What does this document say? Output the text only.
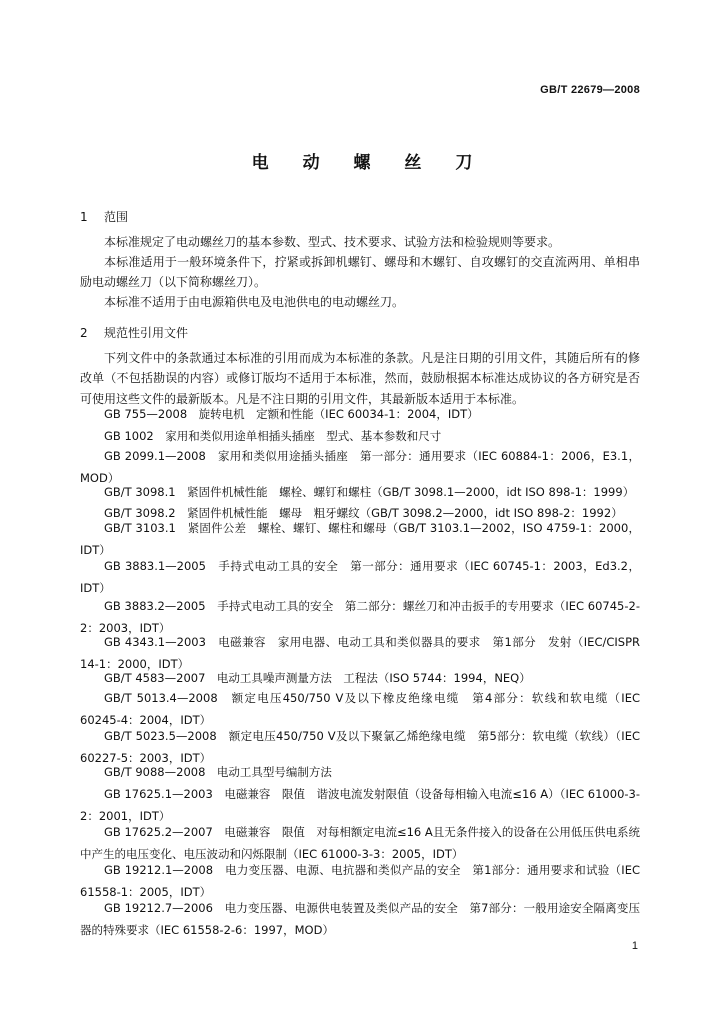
GB/T 22679—2008
电 动 螺 丝 刀
1 范围
本标准规定了电动螺丝刀的基本参数、型式、技术要求、试验方法和检验规则等要求。
本标准适用于一般环境条件下，拧紧或拆卸机螺钉、螺母和木螺钉、自攻螺钉的交直流两用、单相串励电动螺丝刀（以下简称螺丝刀）。
本标准不适用于由电源箱供电及电池供电的电动螺丝刀。
2 规范性引用文件
下列文件中的条款通过本标准的引用而成为本标准的条款。凡是注日期的引用文件，其随后所有的修改单（不包括勘误的内容）或修订版均不适用于本标准，然而，鼓励根据本标准达成协议的各方研究是否可使用这些文件的最新版本。凡是不注日期的引用文件，其最新版本适用于本标准。
GB 755—2008　旋转电机　定额和性能（IEC 60034-1：2004，IDT）
GB 1002　家用和类似用途单相插头插座　型式、基本参数和尺寸
GB 2099.1—2008　家用和类似用途插头插座　第一部分：通用要求（IEC 60884-1：2006，E3.1，MOD）
GB/T 3098.1　紧固件机械性能　螺栓、螺钉和螺柱（GB/T 3098.1—2000，idt ISO 898-1：1999）
GB/T 3098.2　紧固件机械性能　螺母　粗牙螺纹（GB/T 3098.2—2000，idt ISO 898-2：1992）
GB/T 3103.1　紧固件公差　螺栓、螺钉、螺柱和螺母（GB/T 3103.1—2002，ISO 4759-1：2000，IDT）
GB 3883.1—2005　手持式电动工具的安全　第一部分：通用要求（IEC 60745-1：2003，Ed3.2，IDT）
GB 3883.2—2005　手持式电动工具的安全　第二部分：螺丝刀和冲击扳手的专用要求（IEC 60745-2-2：2003，IDT）
GB 4343.1—2003　电磁兼容　家用电器、电动工具和类似器具的要求　第1部分　发射（IEC/CISPR 14-1：2000，IDT）
GB/T 4583—2007　电动工具噪声测量方法　工程法（ISO 5744：1994，NEQ）
GB/T 5013.4—2008　额定电压450/750 V及以下橡皮绝缘电缆　第4部分：软线和软电缆（IEC 60245-4：2004，IDT）
GB/T 5023.5—2008　额定电压450/750 V及以下聚氯乙烯绝缘电缆　第5部分：软电缆（软线）（IEC 60227-5：2003，IDT）
GB/T 9088—2008　电动工具型号编制方法
GB 17625.1—2003　电磁兼容　限值　谐波电流发射限值（设备每相输入电流≤16 A）（IEC 61000-3-2：2001，IDT）
GB 17625.2—2007　电磁兼容　限值　对每相额定电流≤16 A且无条件接入的设备在公用低压供电系统中产生的电压变化、电压波动和闪烁限制（IEC 61000-3-3：2005，IDT）
GB 19212.1—2008　电力变压器、电源、电抗器和类似产品的安全　第1部分：通用要求和试验（IEC 61558-1：2005，IDT）
GB 19212.7—2006　电力变压器、电源供电装置及类似产品的安全　第7部分：一般用途安全隔离变压器的特殊要求（IEC 61558-2-6：1997，MOD）
1
